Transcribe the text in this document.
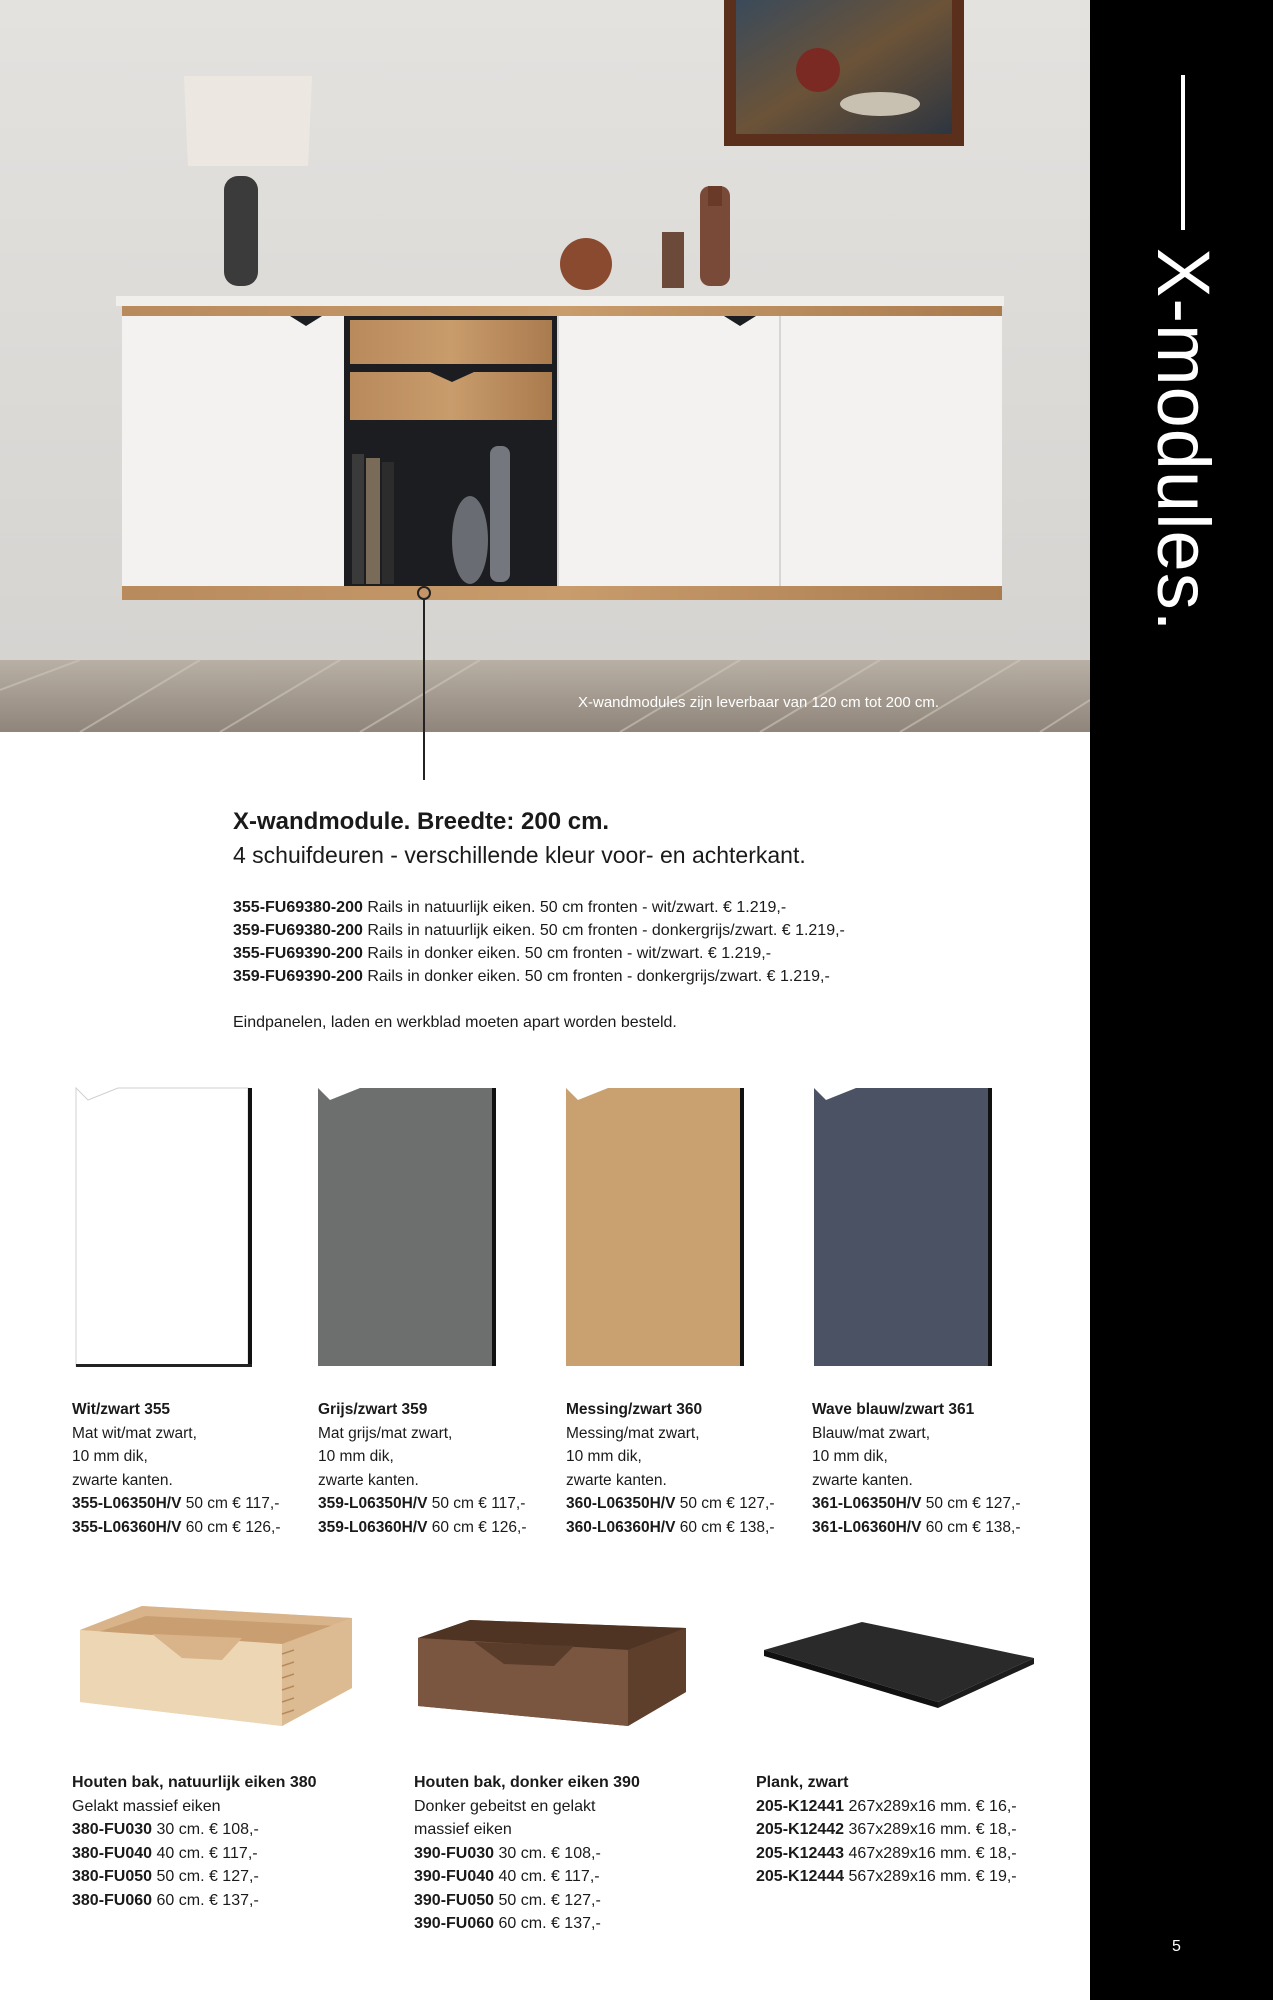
X-wandmodules zijn leverbaar van 120 cm tot 200 cm.
X-modules.
5
X-wandmodule. Breedte: 200 cm.
4 schuifdeuren - verschillende kleur voor- en achterkant.
355-FU69380-200 Rails in natuurlijk eiken. 50 cm fronten - wit/zwart. € 1.219,-
359-FU69380-200 Rails in natuurlijk eiken. 50 cm fronten - donkergrijs/zwart. € 1.219,-
355-FU69390-200 Rails in donker eiken. 50 cm fronten - wit/zwart. € 1.219,-
359-FU69390-200 Rails in donker eiken. 50 cm fronten - donkergrijs/zwart. € 1.219,-
Eindpanelen, laden en werkblad moeten apart worden besteld.
Wit/zwart 355
Mat wit/mat zwart,
10 mm dik,
zwarte kanten.
355-L06350H/V 50 cm € 117,-
355-L06360H/V 60 cm € 126,-
Grijs/zwart 359
Mat grijs/mat zwart,
10 mm dik,
zwarte kanten.
359-L06350H/V 50 cm € 117,-
359-L06360H/V 60 cm € 126,-
Messing/zwart 360
Messing/mat zwart,
10 mm dik,
zwarte kanten.
360-L06350H/V 50 cm € 127,-
360-L06360H/V 60 cm € 138,-
Wave blauw/zwart 361
Blauw/mat zwart,
10 mm dik,
zwarte kanten.
361-L06350H/V 50 cm € 127,-
361-L06360H/V 60 cm € 138,-
Houten bak, natuurlijk eiken 380
Gelakt massief eiken
380-FU030 30 cm. € 108,-
380-FU040 40 cm. € 117,-
380-FU050 50 cm. € 127,-
380-FU060 60 cm. € 137,-
Houten bak, donker eiken 390
Donker gebeitst en gelakt
massief eiken
390-FU030 30 cm. € 108,-
390-FU040 40 cm. € 117,-
390-FU050 50 cm. € 127,-
390-FU060 60 cm. € 137,-
Plank, zwart
205-K12441 267x289x16 mm. € 16,-
205-K12442 367x289x16 mm. € 18,-
205-K12443 467x289x16 mm. € 18,-
205-K12444 567x289x16 mm. € 19,-
